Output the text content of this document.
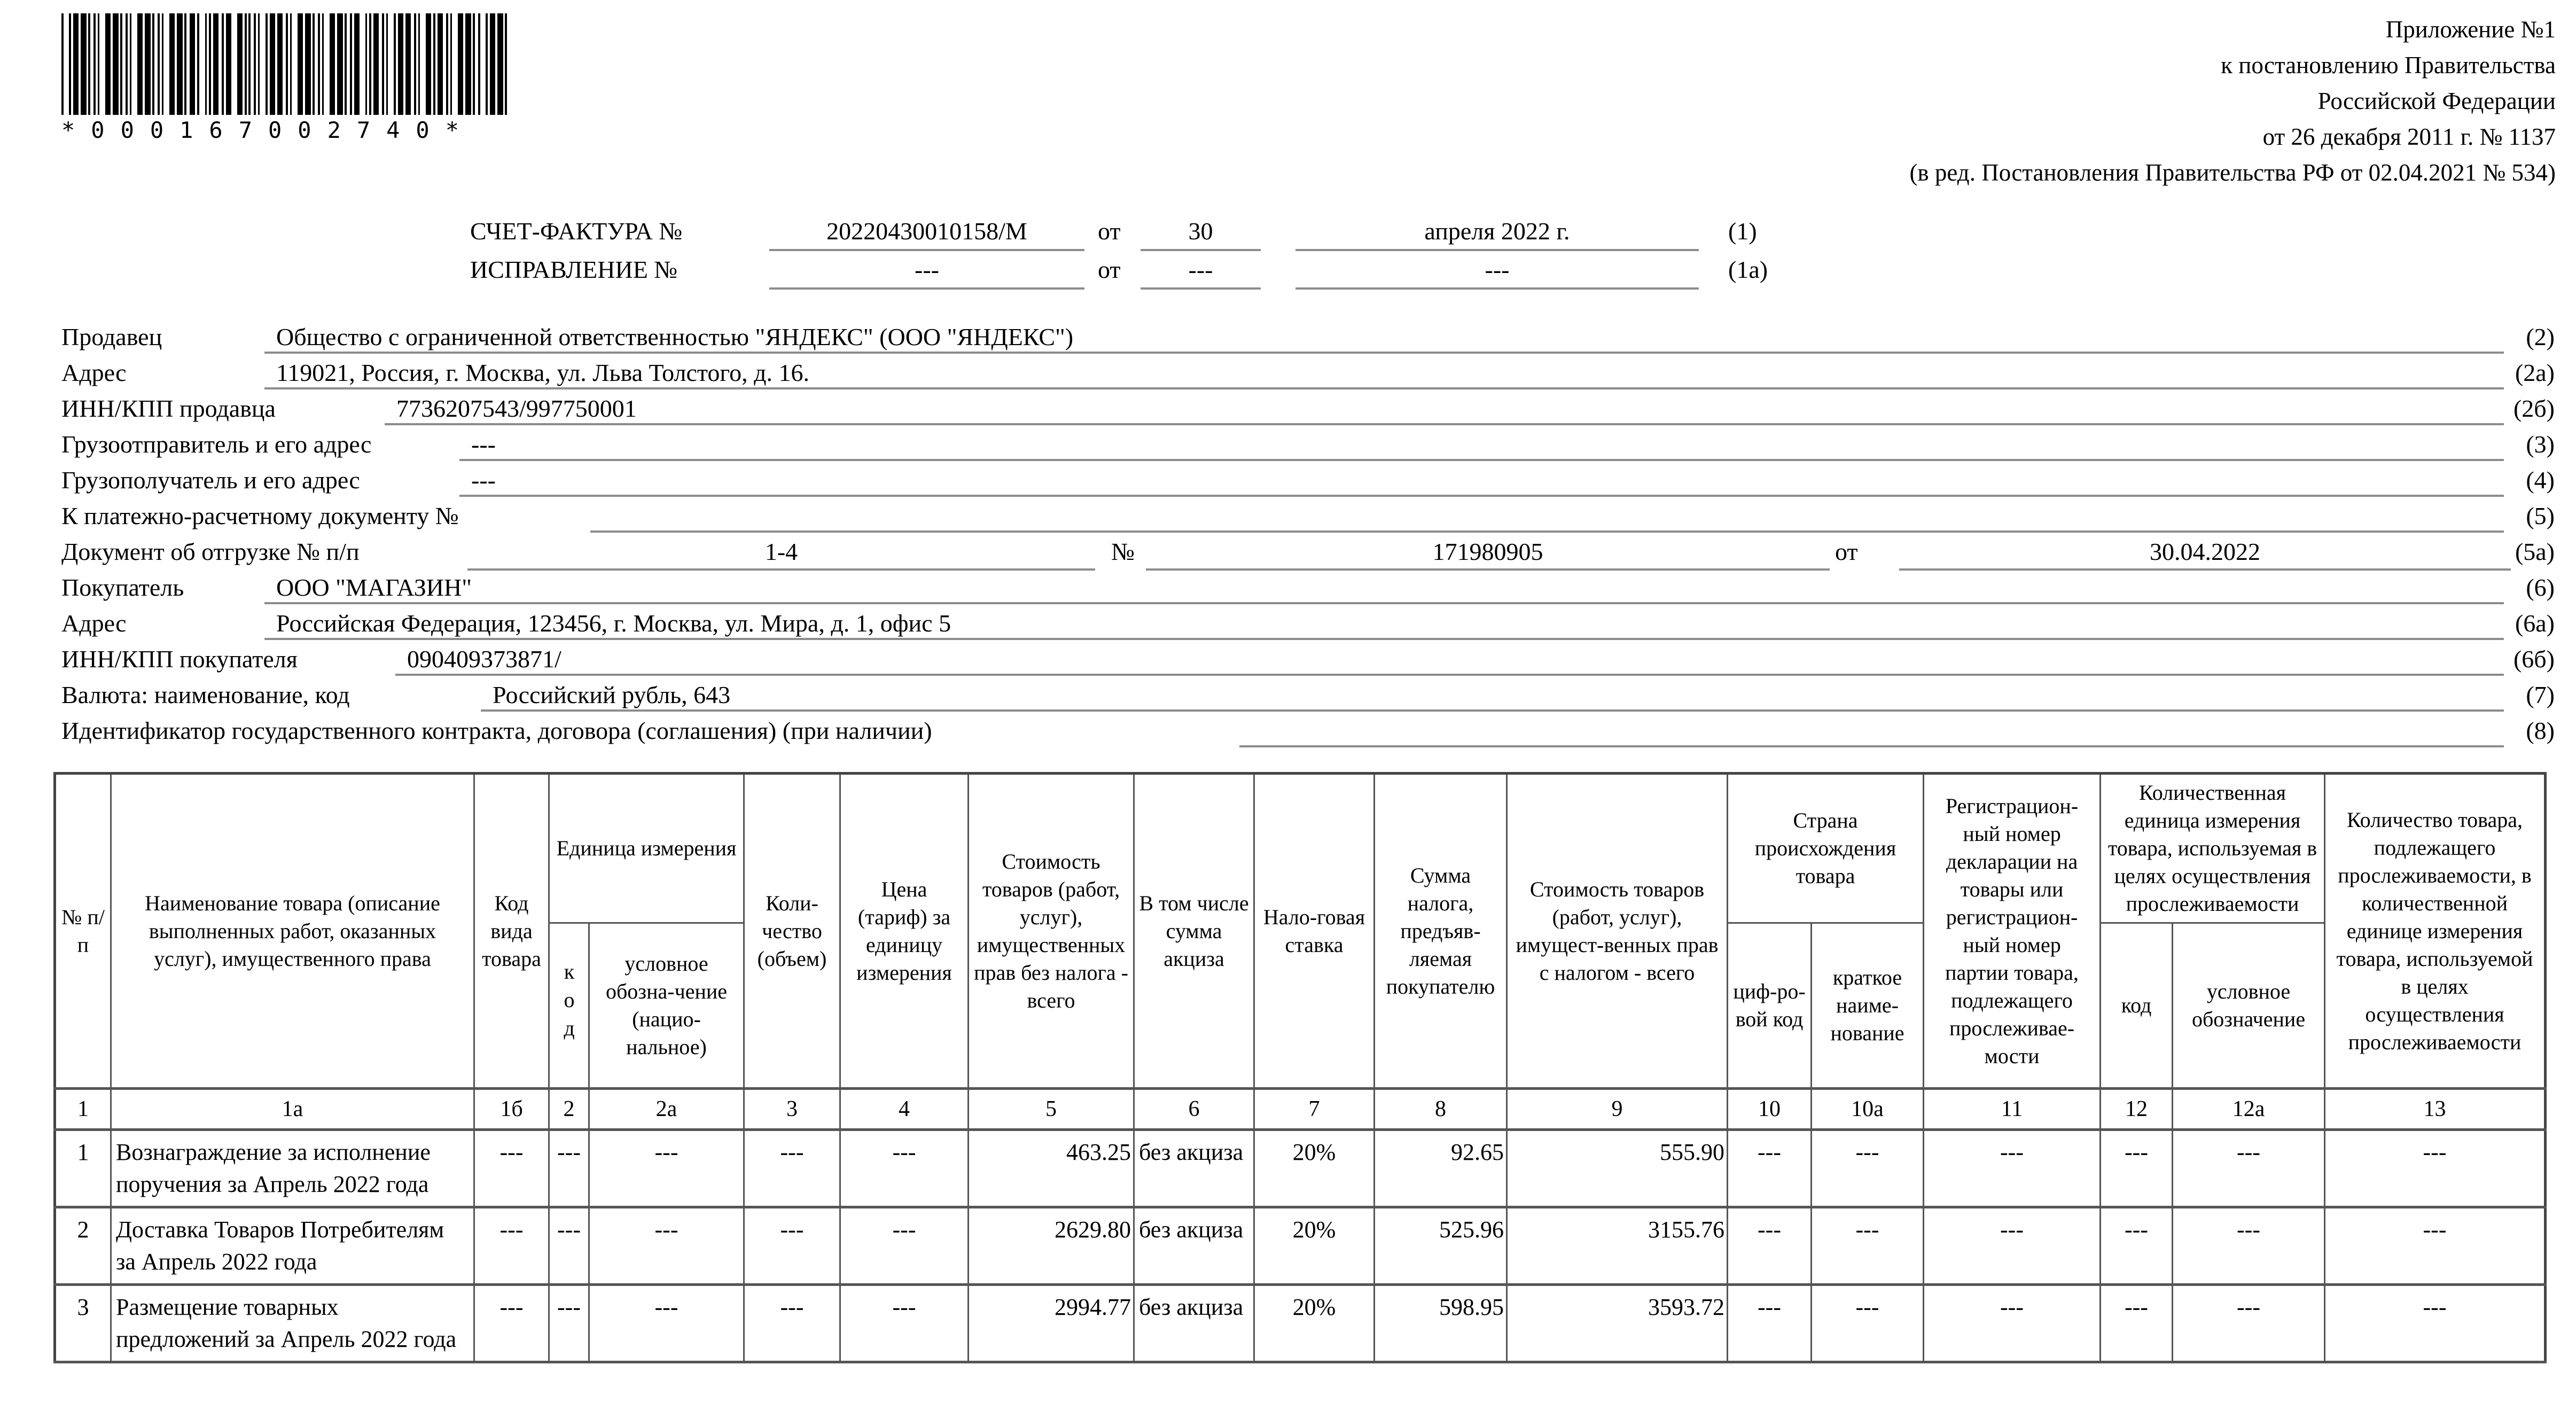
*000167002740*
Приложение №1
к постановлению Правительства
Российской Федерации
от 26 декабря 2011 г. № 1137
(в ред. Постановления Правительства РФ от 02.04.2021 № 534)
СЧЕТ-ФАКТУРА №	20220430010158/М	от	30	апреля 2022 г.	(1)
ИСПРАВЛЕНИЕ №	---	от	---	---	(1а)
Продавец	Общество с ограниченной ответственностью "ЯНДЕКС" (ООО "ЯНДЕКС")	(2)
Адрес	119021, Россия, г. Москва, ул. Льва Толстого, д. 16.	(2а)
ИНН/КПП продавца	7736207543/997750001	(2б)
Грузоотправитель и его адрес	---	(3)
Грузополучатель и его адрес	---	(4)
К платежно-расчетному документу №	(5)
Документ об отгрузке № п/п	1-4	№	171980905	от	30.04.2022	(5а)
Покупатель	ООО "МАГАЗИН"	(6)
Адрес	Российская Федерация, 123456, г. Москва, ул. Мира, д. 1, офис 5	(6а)
ИНН/КПП покупателя	090409373871/	(6б)
Валюта: наименование, код	Российский рубль, 643	(7)
Идентификатор государственного контракта, договора (соглашения) (при наличии)	(8)
№ п/п	Наименование товара (описание выполненных работ, оказанных услуг), имущественного права	Код вида товара	Единица измерения		Коли-чество (объем)	Цена (тариф) за единицу измерения	Стоимость товаров (работ, услуг), имущественных прав без налога - всего	В том числе сумма акциза	Нало-говая ставка	Сумма налога, предъяв-ляемая покупателю	Стоимость товаров (работ, услуг), имущест-венных прав с налогом - всего	Страна происхождения товара		Регистрацион-ный номер декларации на товары или регистрацион-ный номер партии товара, подлежащего прослеживае-мости	Количественная единица измерения товара, используемая в целях осуществления прослеживаемости		Количество товара, подлежащего прослеживаемости, в количественной единице измерения товара, используемой в целях осуществления прослеживаемости
			код	условное обозна-чение (нацио-нальное)								циф-ро-вой код	краткое наиме-нование		код	условное обозначение	
1	1а	1б	2	2а	3	4	5	6	7	8	9	10	10а	11	12	12а	13
1	Вознаграждение за исполнение поручения за Апрель 2022 года	---	---	---	---	---	463.25	без акциза	20%	92.65	555.90	---	---	---	---	---	---
2	Доставка Товаров Потребителям за Апрель 2022 года	---	---	---	---	---	2629.80	без акциза	20%	525.96	3155.76	---	---	---	---	---	---
3	Размещение товарных предложений за Апрель 2022 года	---	---	---	---	---	2994.77	без акциза	20%	598.95	3593.72	---	---	---	---	---	---
